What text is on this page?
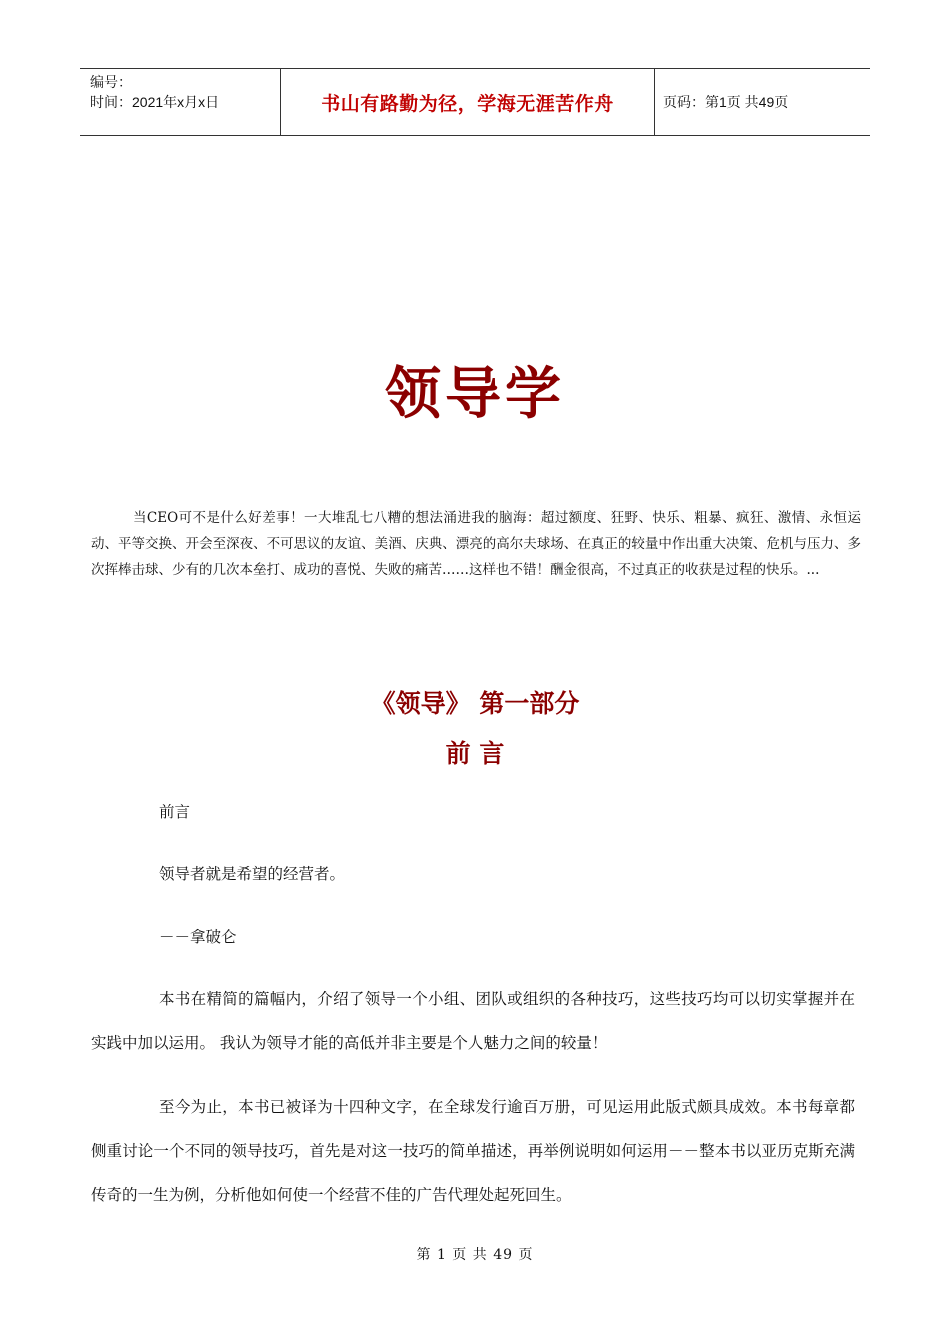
编号：
时间：2021年x月x日	书山有路勤为径，学海无涯苦作舟	页码：第1页 共49页
领导学
当CEO可不是什么好差事！一大堆乱七八糟的想法涌进我的脑海：超过额度、狂野、快乐、粗暴、疯狂、激情、永恒运动、平等交换、开会至深夜、不可思议的友谊、美酒、庆典、漂亮的高尔夫球场、在真正的较量中作出重大决策、危机与压力、多次挥棒击球、少有的几次本垒打、成功的喜悦、失败的痛苦……这样也不错！酬金很高，不过真正的收获是过程的快乐。...
《领导》 第一部分
前 言
前言
领导者就是希望的经营者。
－－拿破仑
本书在精简的篇幅内，介绍了领导一个小组、团队或组织的各种技巧，这些技巧均可以切实掌握并在实践中加以运用。 我认为领导才能的高低并非主要是个人魅力之间的较量！
至今为止，本书已被译为十四种文字，在全球发行逾百万册，可见运用此版式颇具成效。本书每章都侧重讨论一个不同的领导技巧，首先是对这一技巧的简单描述，再举例说明如何运用－－整本书以亚历克斯充满传奇的一生为例，分析他如何使一个经营不佳的广告代理处起死回生。
第 1 页 共 49 页
